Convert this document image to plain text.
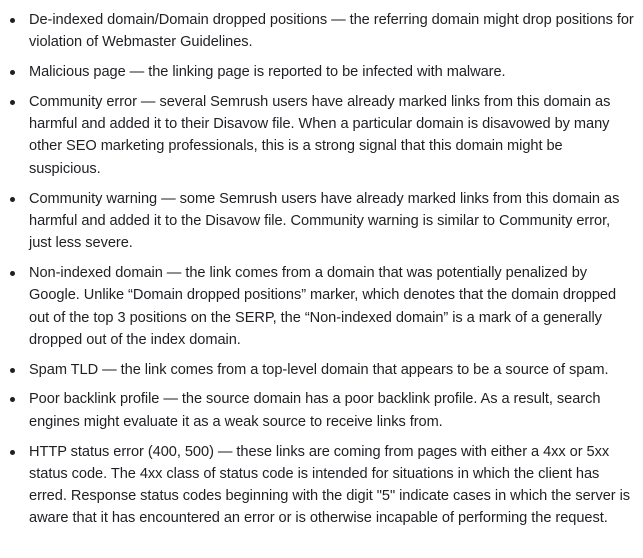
De-indexed domain/Domain dropped positions — the referring domain might drop positions for violation of Webmaster Guidelines.
Malicious page — the linking page is reported to be infected with malware.
Community error — several Semrush users have already marked links from this domain as harmful and added it to their Disavow file. When a particular domain is disavowed by many other SEO marketing professionals, this is a strong signal that this domain might be suspicious.
Community warning — some Semrush users have already marked links from this domain as harmful and added it to the Disavow file. Community warning is similar to Community error, just less severe.
Non-indexed domain — the link comes from a domain that was potentially penalized by Google. Unlike “Domain dropped positions” marker, which denotes that the domain dropped out of the top 3 positions on the SERP, the “Non-indexed domain” is a mark of a generally dropped out of the index domain.
Spam TLD — the link comes from a top-level domain that appears to be a source of spam.
Poor backlink profile — the source domain has a poor backlink profile. As a result, search engines might evaluate it as a weak source to receive links from.
HTTP status error (400, 500) — these links are coming from pages with either a 4xx or 5xx status code. The 4xx class of status code is intended for situations in which the client has erred. Response status codes beginning with the digit "5" indicate cases in which the server is aware that it has encountered an error or is otherwise incapable of performing the request.
